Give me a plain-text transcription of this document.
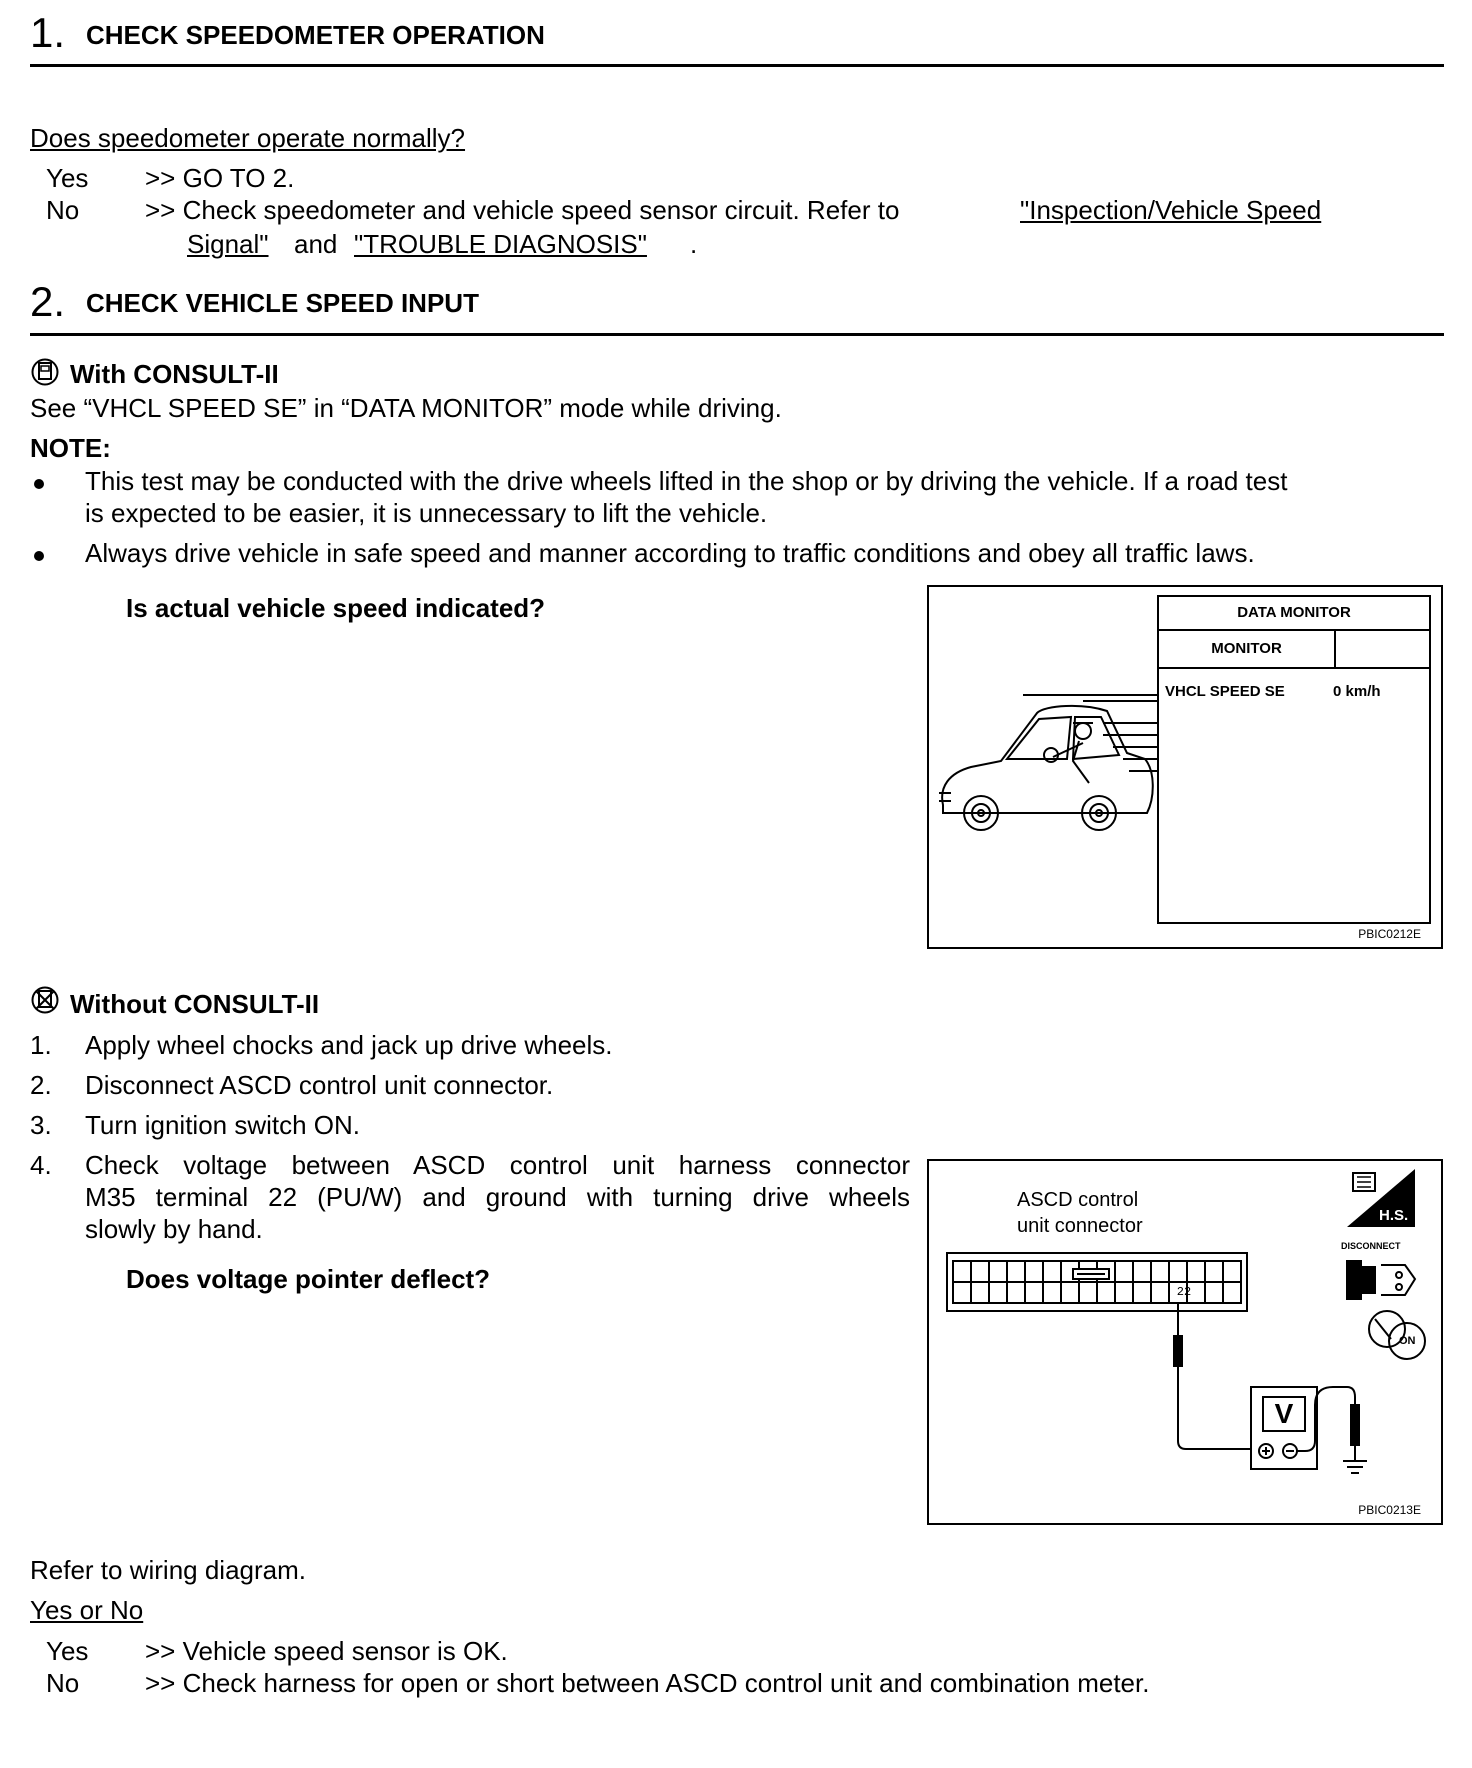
1. CHECK SPEEDOMETER OPERATION
Does speedometer operate normally?
Yes >> GO TO 2.
No	>> Check speedometer and vehicle speed sensor circuit. Refer to	"Inspection/Vehicle Speed
Signal" and "TROUBLE DIAGNOSIS" .
2. CHECK VEHICLE SPEED INPUT
With CONSULT-II
See “VHCL SPEED SE” in “DATA MONITOR” mode while driving.
NOTE:
This test may be conducted with the drive wheels lifted in the shop or by driving the vehicle. If a road test
is expected to be easier, it is unnecessary to lift the vehicle.
Always drive vehicle in safe speed and manner according to traffic conditions and obey all traffic laws.
Is actual vehicle speed indicated?	DATA MONITOR
MONITOR
VHCL SPEED SE	0 km/h
PBIC0212E
Without CONSULT-II
1. Apply wheel chocks and jack up drive wheels.
2. Disconnect ASCD control unit connector.
3. Turn ignition switch ON.
4. Check voltage between ASCD control unit harness connector
M35 terminal 22 (PU/W) and ground with turning drive wheels
slowly by hand.
Does voltage pointer deflect?
ASCD control
unit connector
22
V
H.S.
DISCONNECT
ON
PBIC0213E
Refer to wiring diagram.
Yes or No
Yes >> Vehicle speed sensor is OK.
No	>> Check harness for open or short between ASCD control unit and combination meter.
